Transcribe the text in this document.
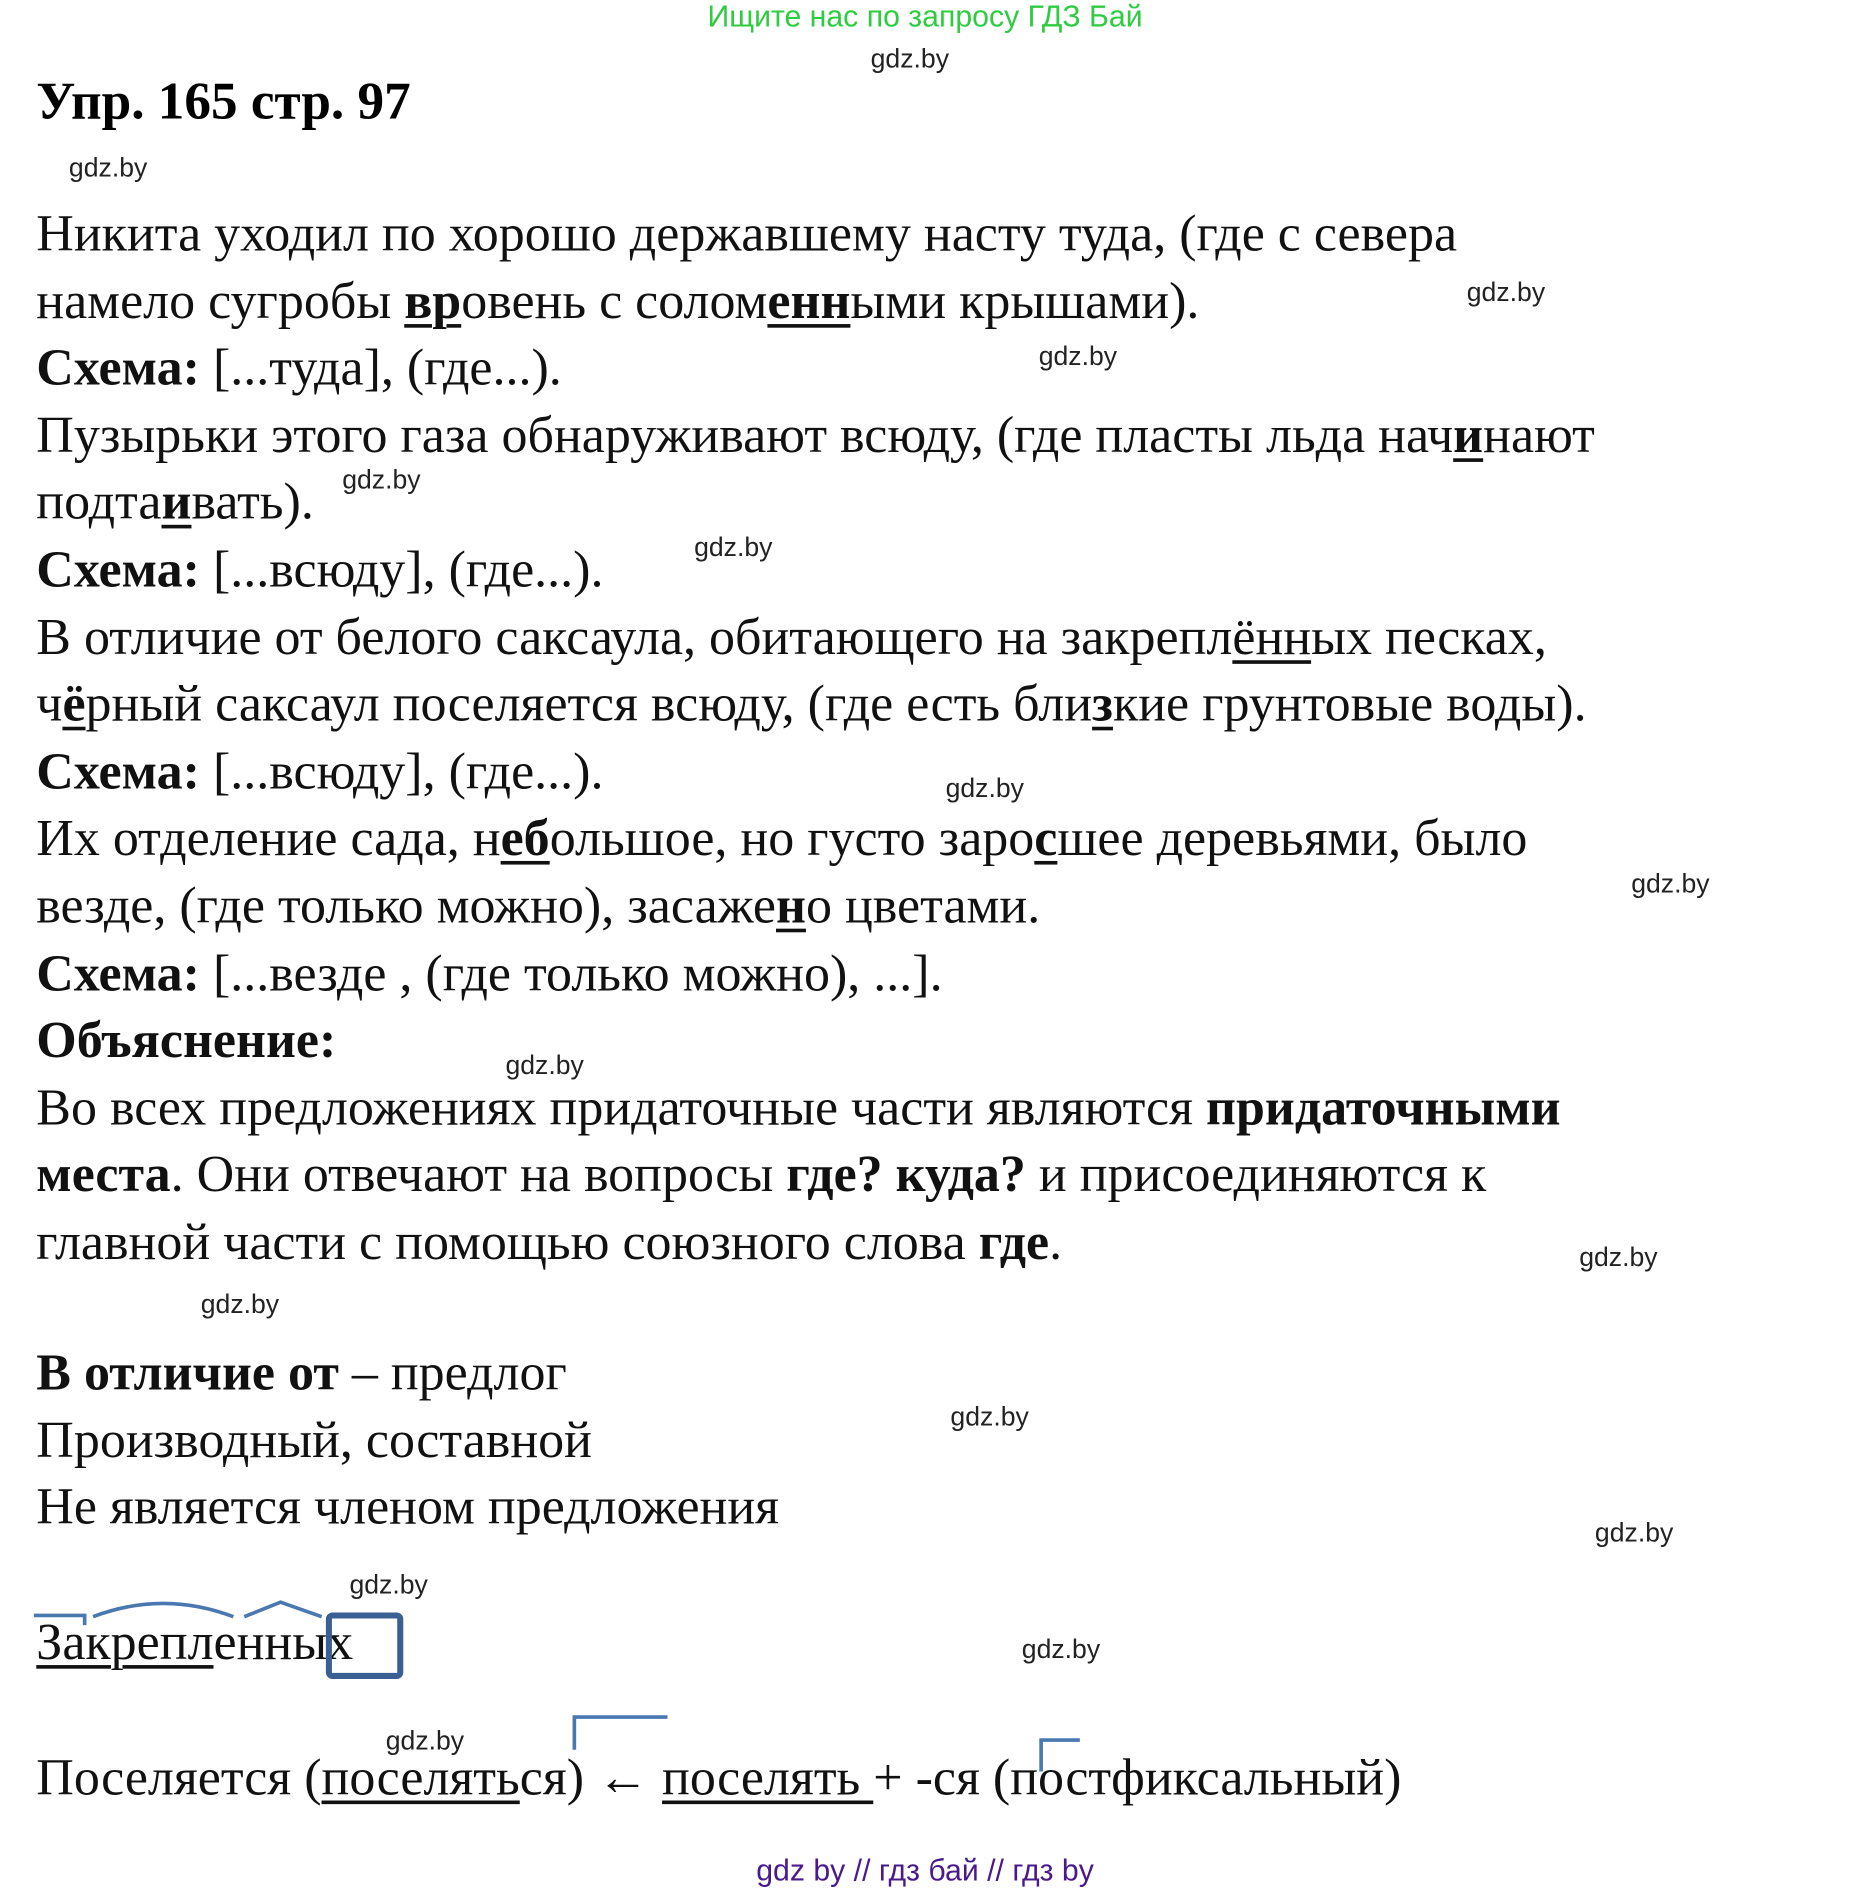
Ищите нас по запросу ГДЗ Бай
Упр. 165 стр. 97
gdz.by
gdz.by
gdz.by
gdz.by
gdz.by
gdz.by
gdz.by
gdz.by
gdz.by
gdz.by
gdz.by
gdz.by
gdz.by
gdz.by
gdz.by
gdz.by
Никита уходил по хорошо державшему насту туда, (где с севера
намело сугробы вровень с соломенными крышами).
Схема: [...туда], (где...).
Пузырьки этого газа обнаруживают всюду, (где пласты льда начинают
подтаивать).
Схема: [...всюду], (где...).
В отличие от белого саксаула, обитающего на закреплённых песках,
чёрный саксаул поселяется всюду, (где есть близкие грунтовые воды).
Схема: [...всюду], (где...).
Их отделение сада, небольшое, но густо заросшее деревьями, было
везде, (где только можно), засажено цветами.
Схема: [...везде , (где только можно), ...].
Объяснение:
Во всех предложениях придаточные части являются придаточными
места. Они отвечают на вопросы где? куда? и присоединяются к
главной части с помощью союзного слова где.
В отличие от – предлог
Производный, составной
Не является членом предложения
Закрепленных
Поселяется (поселяться) ← поселять + -ся (постфиксальный)
gdz by // гдз бай // гдз by
